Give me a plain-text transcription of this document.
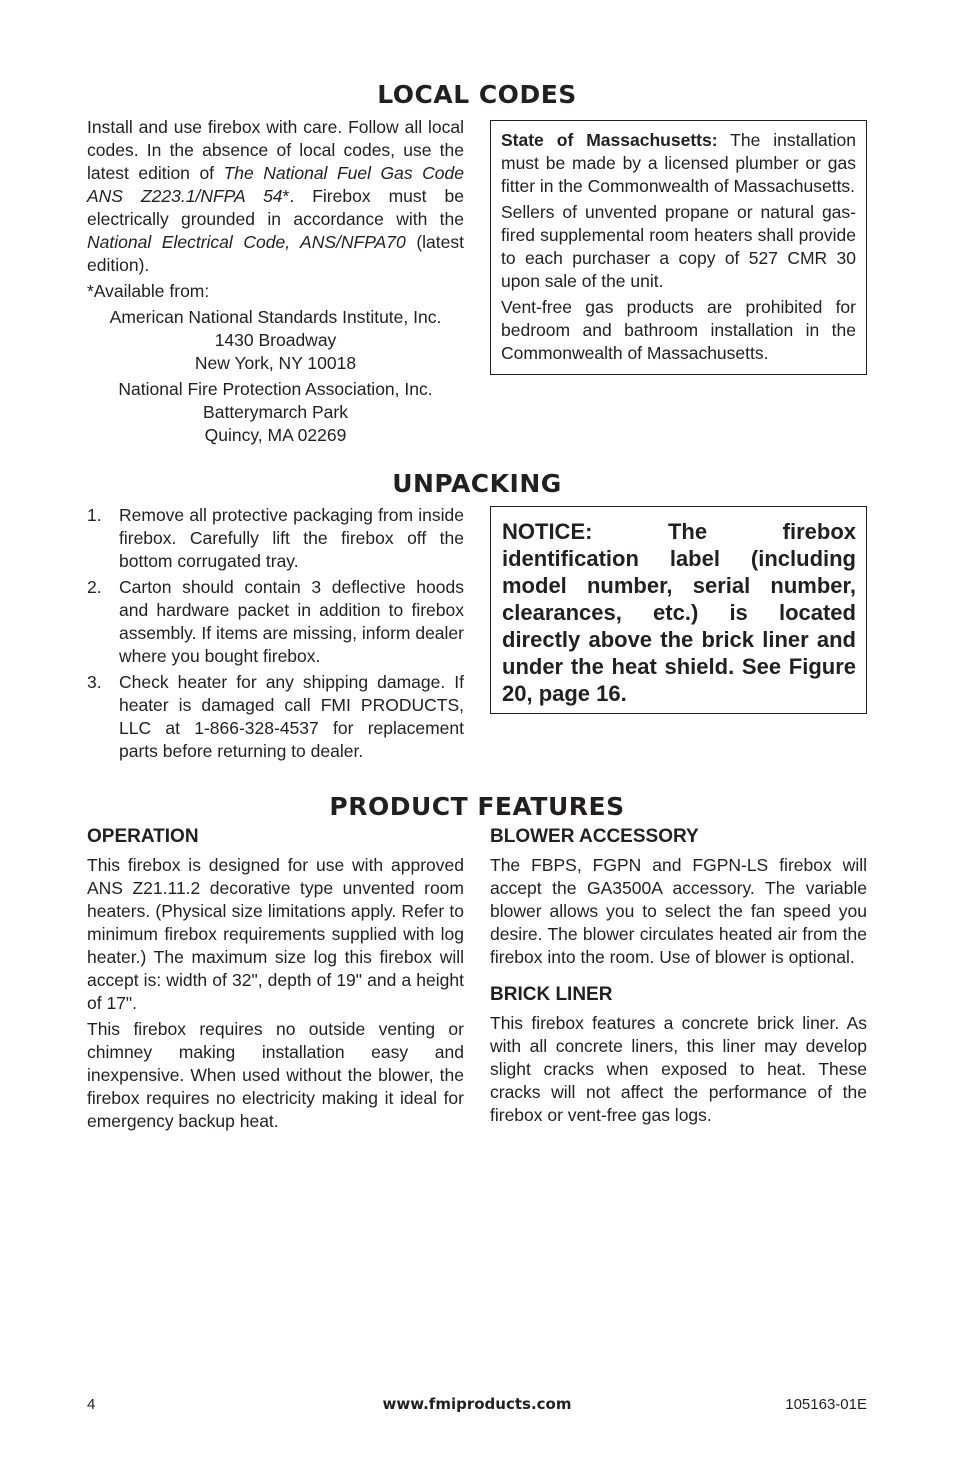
LOCAL CODES

Install and use firebox with care. Follow all local codes. In the absence of local codes, use the latest edition of The National Fuel Gas Code ANS Z223.1/NFPA 54*. Firebox must be electrically grounded in accordance with the National Electrical Code, ANS/NFPA70 (latest edition).

*Available from:

American National Standards Institute, Inc.
1430 Broadway
New York, NY 10018
National Fire Protection Association, Inc.
Batterymarch Park
Quincy, MA 02269

State of Massachusetts: The installation must be made by a licensed plumber or gas fitter in the Commonwealth of Massachusetts.

Sellers of unvented propane or natural gas-fired supplemental room heaters shall provide to each purchaser a copy of 527 CMR 30 upon sale of the unit.

Vent-free gas products are prohibited for bedroom and bathroom installation in the Commonwealth of Massachusetts.

UNPACKING
1. Remove all protective packaging from inside firebox. Carefully lift the firebox off the bottom corrugated tray.
2. Carton should contain 3 deflective hoods and hardware packet in addition to firebox assembly. If items are missing, inform dealer where you bought firebox.
3. Check heater for any shipping damage. If heater is damaged call FMI PRODUCTS, LLC at 1-866-328-4537 for replacement parts before returning to dealer.
NOTICE: The firebox identification label (including model number, serial number, clearances, etc.) is located directly above the brick liner and under the heat shield. See Figure 20, page 16.
PRODUCT FEATURES
OPERATION

This firebox is designed for use with approved ANS Z21.11.2 decorative type unvented room heaters. (Physical size limitations apply. Refer to minimum firebox requirements supplied with log heater.) The maximum size log this firebox will accept is: width of 32", depth of 19" and a height of 17".

This firebox requires no outside venting or chimney making installation easy and inexpensive. When used without the blower, the firebox requires no electricity making it ideal for emergency backup heat.

BLOWER ACCESSORY

The FBPS, FGPN and FGPN-LS firebox will accept the GA3500A accessory. The variable blower allows you to select the fan speed you desire. The blower circulates heated air from the firebox into the room. Use of blower is optional.

BRICK LINER

This firebox features a concrete brick liner. As with all concrete liners, this liner may develop slight cracks when exposed to heat. These cracks will not affect the performance of the firebox or vent-free gas logs.

4	www.fmiproducts.com	105163-01E
